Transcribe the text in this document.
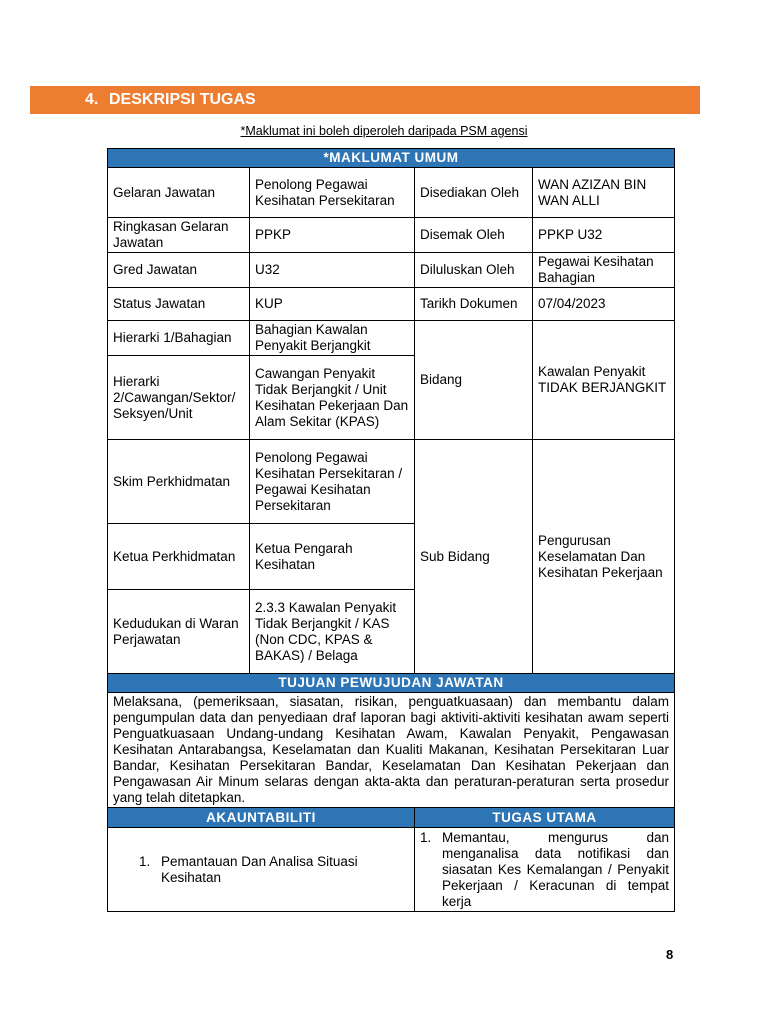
4. DESKRIPSI TUGAS
*Maklumat ini boleh diperoleh daripada PSM agensi
*MAKLUMAT UMUM			
Gelaran Jawatan	Penolong Pegawai Kesihatan Persekitaran	Disediakan Oleh	WAN AZIZAN BIN WAN ALLI
Ringkasan Gelaran Jawatan	PPKP	Disemak Oleh	PPKP U32
Gred Jawatan	U32	Diluluskan Oleh	Pegawai Kesihatan Bahagian
Status Jawatan	KUP	Tarikh Dokumen	07/04/2023
Hierarki 1/Bahagian	Bahagian Kawalan Penyakit Berjangkit	Bidang	Kawalan Penyakit TIDAK BERJANGKIT
Hierarki 2/Cawangan/Sektor/ Seksyen/Unit	Cawangan Penyakit Tidak Berjangkit / Unit Kesihatan Pekerjaan Dan Alam Sekitar (KPAS)		
Skim Perkhidmatan	Penolong Pegawai Kesihatan Persekitaran / Pegawai Kesihatan Persekitaran	Sub Bidang	Pengurusan Keselamatan Dan Kesihatan Pekerjaan
Ketua Perkhidmatan	Ketua Pengarah Kesihatan		
Kedudukan di Waran Perjawatan	2.3.3 Kawalan Penyakit Tidak Berjangkit / KAS (Non CDC, KPAS & BAKAS) / Belaga		
TUJUAN PEWUJUDAN JAWATAN			
Melaksana, (pemeriksaan, siasatan, risikan, penguatkuasaan) dan membantu dalam pengumpulan data dan penyediaan draf laporan bagi aktiviti-aktiviti kesihatan awam seperti Penguatkuasaan Undang-undang Kesihatan Awam, Kawalan Penyakit, Pengawasan Kesihatan Antarabangsa, Keselamatan dan Kualiti Makanan, Kesihatan Persekitaran Luar Bandar, Kesihatan Persekitaran Bandar, Keselamatan Dan Kesihatan Pekerjaan dan Pengawasan Air Minum selaras dengan akta-akta dan peraturan-peraturan serta prosedur yang telah ditetapkan.			
AKAUNTABILITI		TUGAS UTAMA	

1. Pemantauan Dan Analisa Situasi Kesihatan		1. Memantau, mengurus dan menganalisa data notifikasi dan siasatan Kes Kemalangan / Penyakit Pekerjaan / Keracunan di tempat kerja	
8
